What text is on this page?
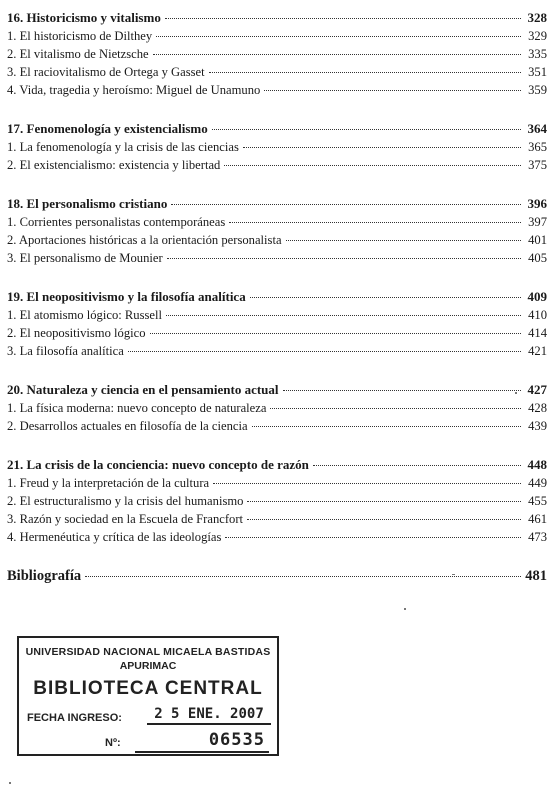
16. Historicismo y vitalismo	328
1. El historicismo de Dilthey	329
2. El vitalismo de Nietzsche	335
3. El raciovitalismo de Ortega y Gasset	351
4. Vida, tragedia y heroísmo: Miguel de Unamuno	359
17. Fenomenología y existencialismo	364
1. La fenomenología y la crisis de las ciencias	365
2. El existencialismo: existencia y libertad	375
18. El personalismo cristiano	396
1. Corrientes personalistas contemporáneas	397
2. Aportaciones históricas a la orientación personalista	401
3. El personalismo de Mounier	405
19. El neopositivismo y la filosofía analítica	409
1. El atomismo lógico: Russell	410
2. El neopositivismo lógico	414
3. La filosofía analítica	421
20. Naturaleza y ciencia en el pensamiento actual	427
1. La física moderna: nuevo concepto de naturaleza	428
2. Desarrollos actuales en filosofía de la ciencia	439
21. La crisis de la conciencia: nuevo concepto de razón	448
1. Freud y la interpretación de la cultura	449
2. El estructuralismo y la crisis del humanismo	455
3. Razón y sociedad en la Escuela de Francfort	461
4. Hermenéutica y crítica de las ideologías	473
Bibliografía	481
UNIVERSIDAD NACIONAL MICAELA BASTIDAS
APURIMAC
BIBLIOTECA CENTRAL
FECHA INGRESO:	2 5 ENE. 2007
Nº:	06535
